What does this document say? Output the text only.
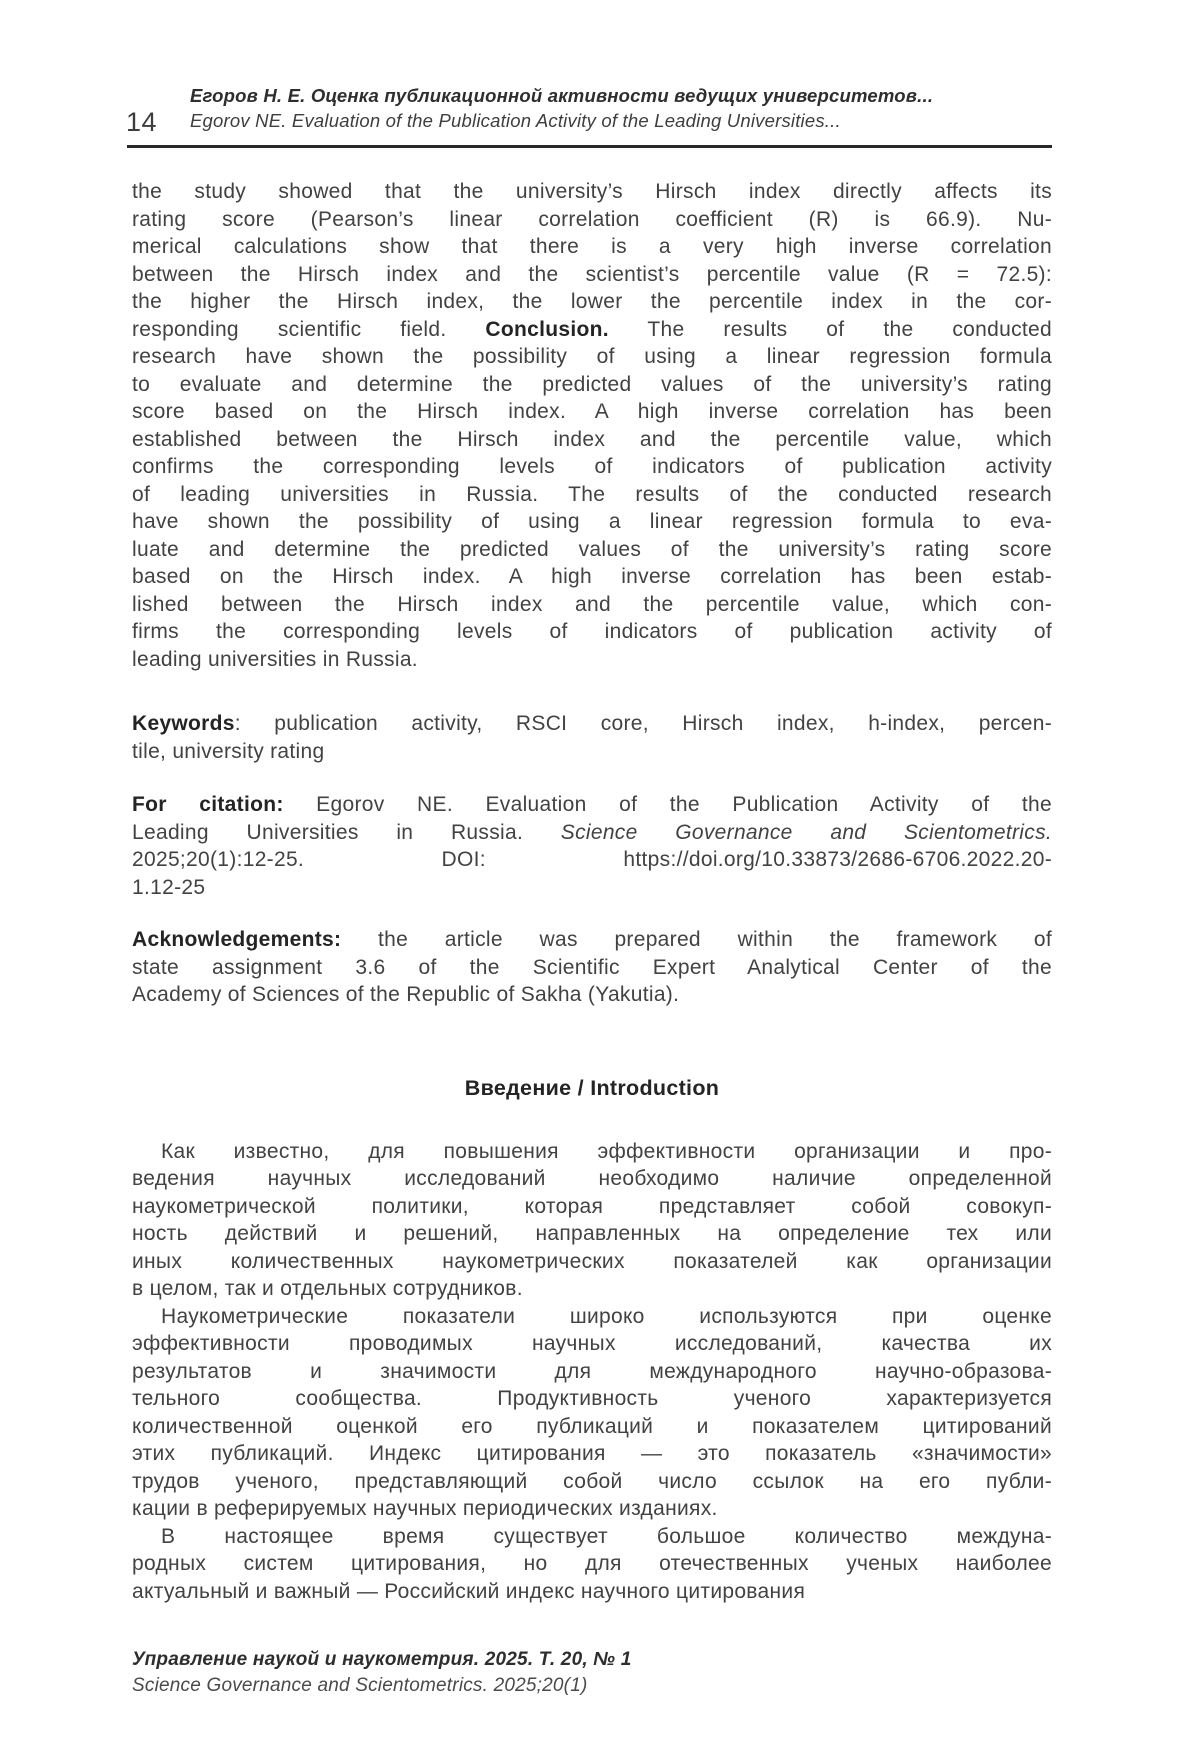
14
Егоров Н. Е. Оценка публикационной активности ведущих университетов...
Egorov NE. Evaluation of the Publication Activity of the Leading Universities...
the study showed that the university’s Hirsch index directly affects its
rating score (Pearson’s linear correlation coefficient (R) is 66.9). Nu-
merical calculations show that there is a very high inverse correlation
between the Hirsch index and the scientist’s percentile value (R = 72.5):
the higher the Hirsch index, the lower the percentile index in the cor-
responding scientific field. Conclusion. The results of the conducted
research have shown the possibility of using a linear regression formula
to evaluate and determine the predicted values of the university’s rating
score based on the Hirsch index. A high inverse correlation has been
established between the Hirsch index and the percentile value, which
confirms the corresponding levels of indicators of publication activity
of leading universities in Russia. The results of the conducted research
have shown the possibility of using a linear regression formula to eva-
luate and determine the predicted values of the university’s rating score
based on the Hirsch index. A high inverse correlation has been estab-
lished between the Hirsch index and the percentile value, which con-
firms the corresponding levels of indicators of publication activity of
leading universities in Russia.
Keywords: publication activity, RSCI core, Hirsch index, h-index, percen-
tile, university rating
For citation: Egorov NE. Evaluation of the Publication Activity of the
Leading Universities in Russia. Science Governance and Scientometrics.
2025;20(1):12-25. DOI: https://doi.org/10.33873/2686-6706.2022.20-
1.12-25
Acknowledgements: the article was prepared within the framework of
state assignment 3.6 of the Scientific Expert Analytical Center of the
Academy of Sciences of the Republic of Sakha (Yakutia).
Введение / Introduction
Как известно, для повышения эффективности организации и про-
ведения научных исследований необходимо наличие определенной
наукометрической политики, которая представляет собой совокуп-
ность действий и решений, направленных на определение тех или
иных количественных наукометрических показателей как организации
в целом, так и отдельных сотрудников.
Наукометрические показатели широко используются при оценке
эффективности проводимых научных исследований, качества их
результатов и значимости для международного научно-образова-
тельного сообщества. Продуктивность ученого характеризуется
количественной оценкой его публикаций и показателем цитирований
этих публикаций. Индекс цитирования — это показатель «значимости»
трудов ученого, представляющий собой число ссылок на его публи-
кации в реферируемых научных периодических изданиях.
В настоящее время существует большое количество междуна-
родных систем цитирования, но для отечественных ученых наиболее
актуальный и важный — Российский индекс научного цитирования
Управление наукой и наукометрия. 2025. Т. 20, № 1
Science Governance and Scientometrics. 2025;20(1)
